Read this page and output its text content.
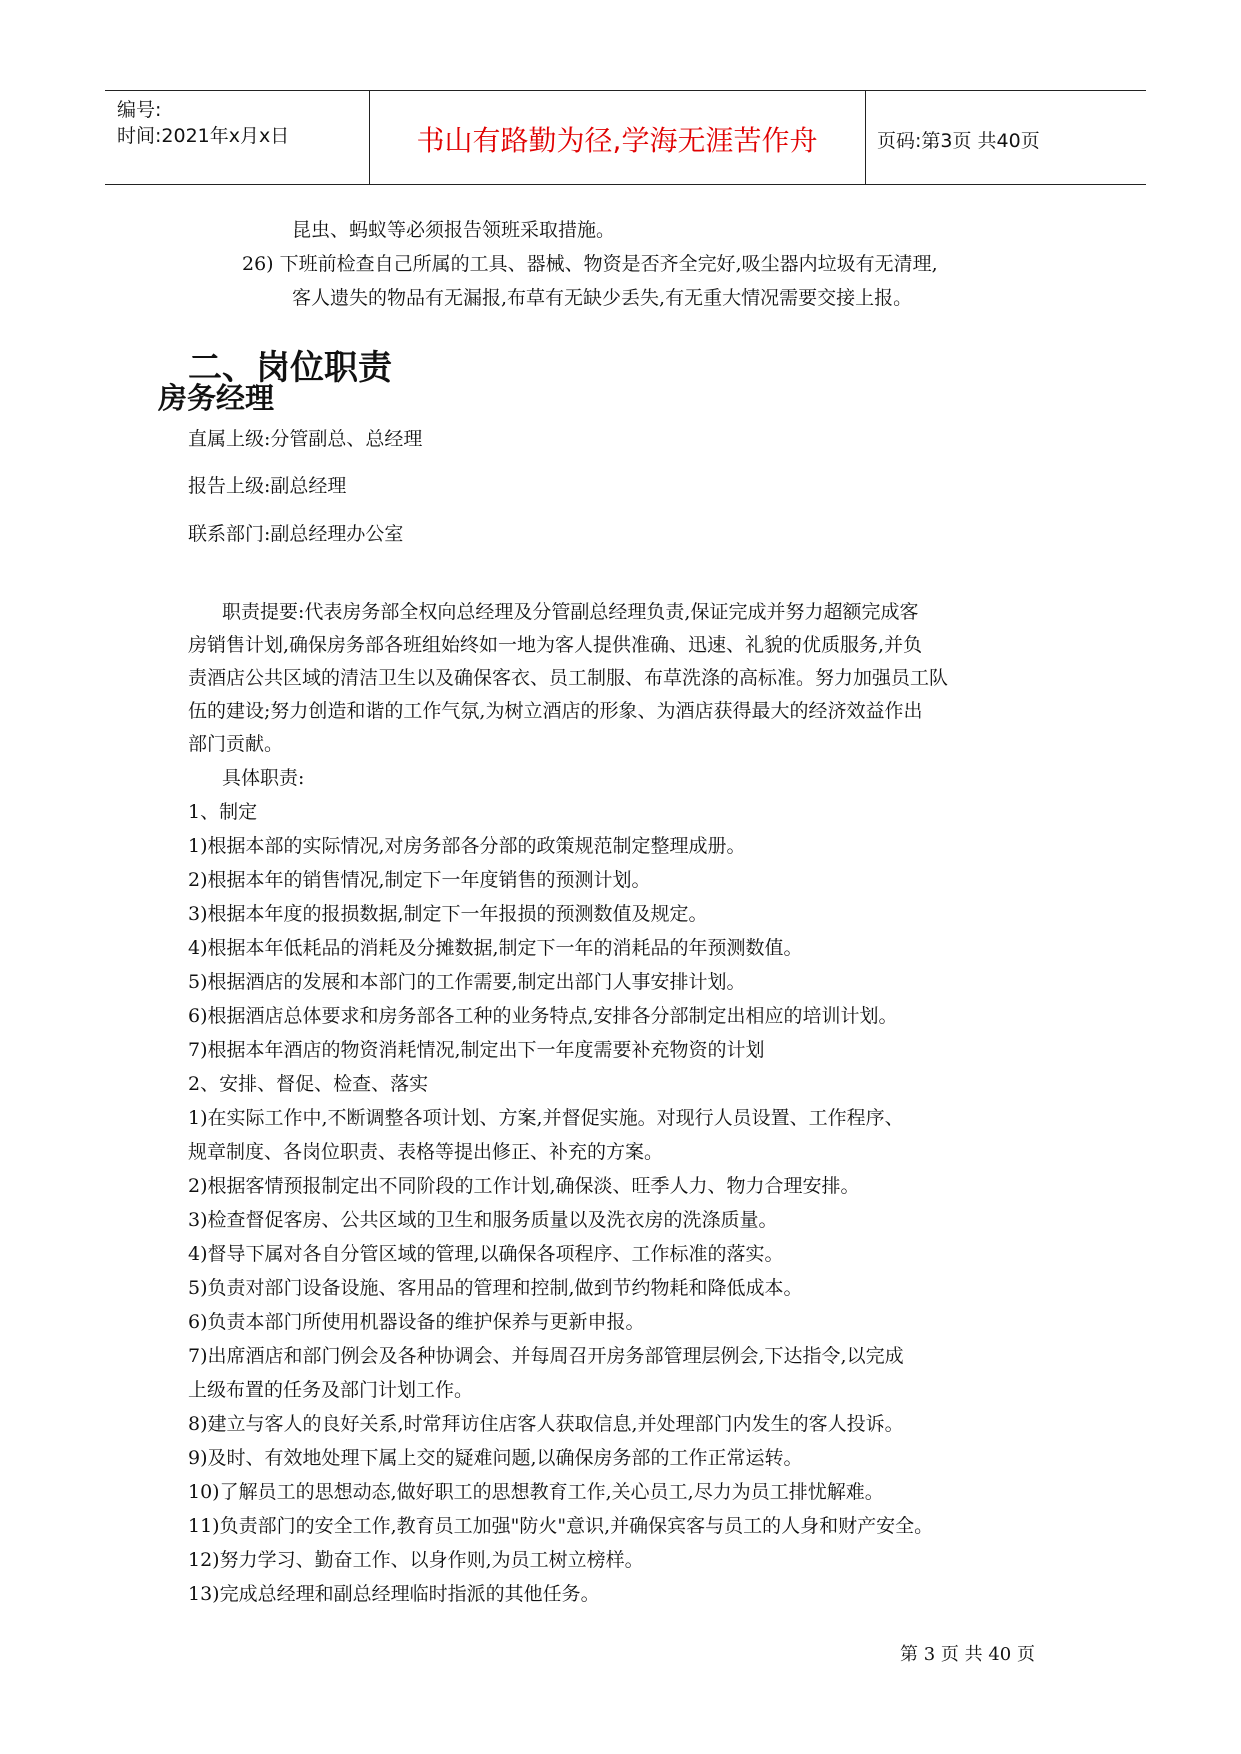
编号:
时间:2021年x月x日	书山有路勤为径,学海无涯苦作舟	页码:第3页 共40页
昆虫、蚂蚁等必须报告领班采取措施。
26) 下班前检查自己所属的工具、器械、物资是否齐全完好,吸尘器内垃圾有无清理,
客人遗失的物品有无漏报,布草有无缺少丢失,有无重大情况需要交接上报。
二、岗位职责
房务经理
直属上级:分管副总、总经理
报告上级:副总经理
联系部门:副总经理办公室
职责提要:代表房务部全权向总经理及分管副总经理负责,保证完成并努力超额完成客
房销售计划,确保房务部各班组始终如一地为客人提供准确、迅速、礼貌的优质服务,并负
责酒店公共区域的清洁卫生以及确保客衣、员工制服、布草洗涤的高标准。努力加强员工队
伍的建设;努力创造和谐的工作气氛,为树立酒店的形象、为酒店获得最大的经济效益作出
部门贡献。
具体职责:
1、制定
1)根据本部的实际情况,对房务部各分部的政策规范制定整理成册。
2)根据本年的销售情况,制定下一年度销售的预测计划。
3)根据本年度的报损数据,制定下一年报损的预测数值及规定。
4)根据本年低耗品的消耗及分摊数据,制定下一年的消耗品的年预测数值。
5)根据酒店的发展和本部门的工作需要,制定出部门人事安排计划。
6)根据酒店总体要求和房务部各工种的业务特点,安排各分部制定出相应的培训计划。
7)根据本年酒店的物资消耗情况,制定出下一年度需要补充物资的计划
2、安排、督促、检查、落实
1)在实际工作中,不断调整各项计划、方案,并督促实施。对现行人员设置、工作程序、
规章制度、各岗位职责、表格等提出修正、补充的方案。
2)根据客情预报制定出不同阶段的工作计划,确保淡、旺季人力、物力合理安排。
3)检查督促客房、公共区域的卫生和服务质量以及洗衣房的洗涤质量。
4)督导下属对各自分管区域的管理,以确保各项程序、工作标准的落实。
5)负责对部门设备设施、客用品的管理和控制,做到节约物耗和降低成本。
6)负责本部门所使用机器设备的维护保养与更新申报。
7)出席酒店和部门例会及各种协调会、并每周召开房务部管理层例会,下达指令,以完成
上级布置的任务及部门计划工作。
8)建立与客人的良好关系,时常拜访住店客人获取信息,并处理部门内发生的客人投诉。
9)及时、有效地处理下属上交的疑难问题,以确保房务部的工作正常运转。
10)了解员工的思想动态,做好职工的思想教育工作,关心员工,尽力为员工排忧解难。
11)负责部门的安全工作,教育员工加强"防火"意识,并确保宾客与员工的人身和财产安全。
12)努力学习、勤奋工作、以身作则,为员工树立榜样。
13)完成总经理和副总经理临时指派的其他任务。
第 3 页 共 40 页
